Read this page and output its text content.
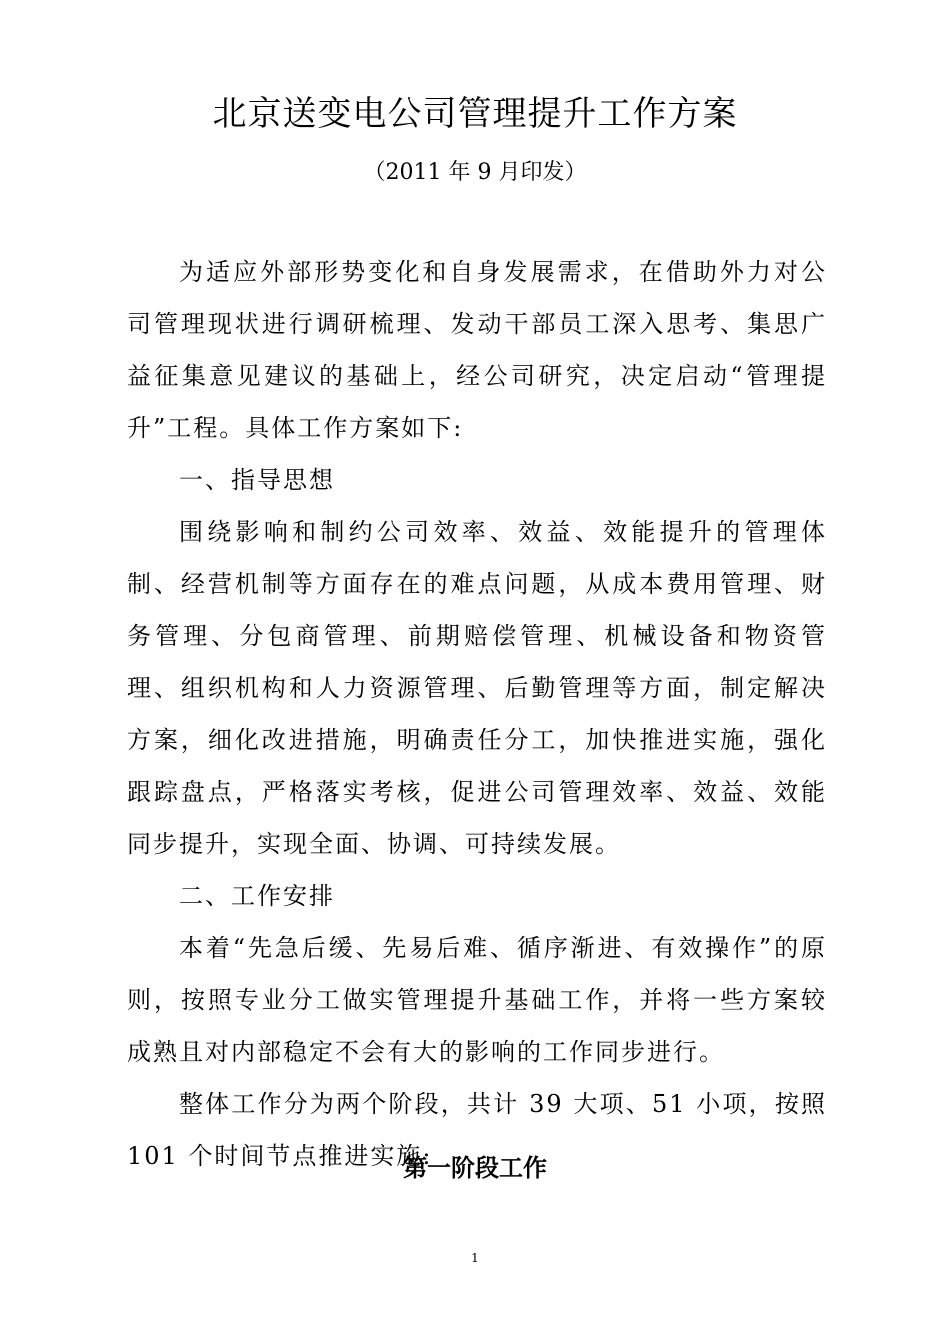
北京送变电公司管理提升工作方案
（2011 年 9 月印发）

为适应外部形势变化和自身发展需求，在借助外力对公司管理现状进行调研梳理、发动干部员工深入思考、集思广益征集意见建议的基础上，经公司研究，决定启动“管理提升”工程。具体工作方案如下:

一、指导思想

围绕影响和制约公司效率、效益、效能提升的管理体制、经营机制等方面存在的难点问题，从成本费用管理、财务管理、分包商管理、前期赔偿管理、机械设备和物资管理、组织机构和人力资源管理、后勤管理等方面，制定解决方案，细化改进措施，明确责任分工，加快推进实施，强化跟踪盘点，严格落实考核，促进公司管理效率、效益、效能同步提升，实现全面、协调、可持续发展。

二、工作安排

本着“先急后缓、先易后难、循序渐进、有效操作”的原则，按照专业分工做实管理提升基础工作，并将一些方案较成熟且对内部稳定不会有大的影响的工作同步进行。

整体工作分为两个阶段，共计 39 大项、51 小项，按照 101 个时间节点推进实施:

第一阶段工作
1
